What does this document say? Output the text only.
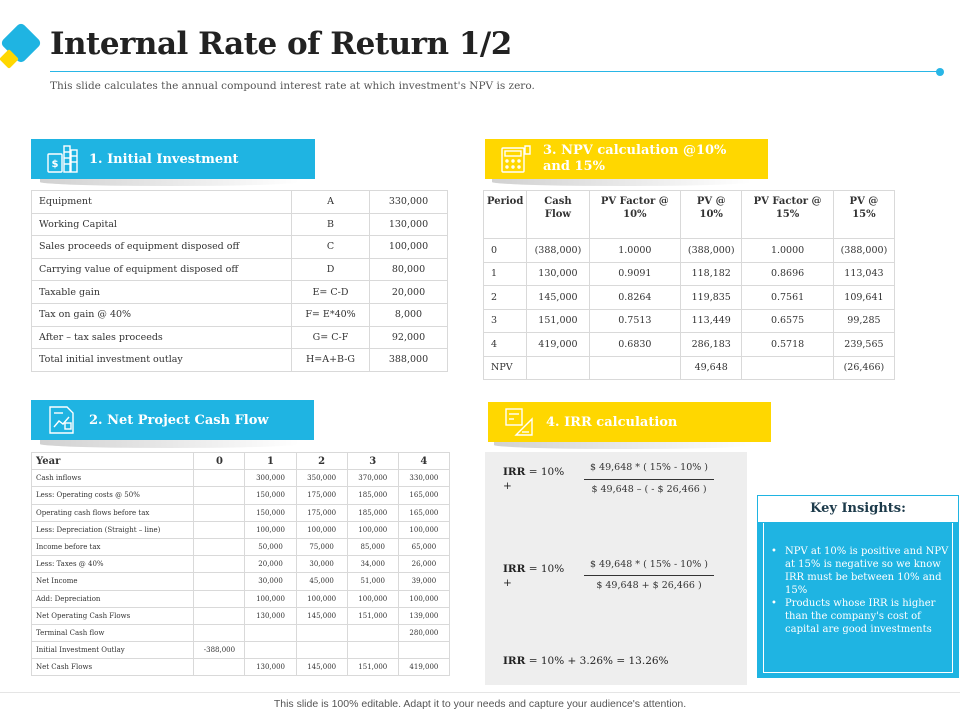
Internal Rate of Return 1/2
This slide calculates the annual compound interest rate at which investment's NPV is zero.
$ 1. Initial Investment
3. NPV calculation @10%
and 15%
Equipment	A	330,000
Working Capital	B	130,000
Sales proceeds of equipment disposed off	C	100,000
Carrying value of equipment disposed off	D	80,000
Taxable gain	E= C-D	20,000
Tax on gain @ 40%	F= E*40%	8,000
After – tax sales proceeds	G= C-F	92,000
Total initial investment outlay	H=A+B-G	388,000
Period	Cash Flow	PV Factor @ 10%	PV @ 10%	PV Factor @ 15%	PV @ 15%
0	(388,000)	1.0000	(388,000)	1.0000	(388,000)
1	130,000	0.9091	118,182	0.8696	113,043
2	145,000	0.8264	119,835	0.7561	109,641
3	151,000	0.7513	113,449	0.6575	99,285
4	419,000	0.6830	286,183	0.5718	239,565
NPV			49,648		(26,466)
2. Net Project Cash Flow	4. IRR calculation
Year	0	1	2	3	4
Cash inflows		300,000	350,000	370,000	330,000
Less: Operating costs @ 50%		150,000	175,000	185,000	165,000
Operating cash flows before tax		150,000	175,000	185,000	165,000
Less: Depreciation (Straight – line)		100,000	100,000	100,000	100,000
Income before tax		50,000	75,000	85,000	65,000
Less: Taxes @ 40%		20,000	30,000	34,000	26,000
Net Income		30,000	45,000	51,000	39,000
Add: Depreciation		100,000	100,000	100,000	100,000
Net Operating Cash Flows		130,000	145,000	151,000	139,000
Terminal Cash flow					280,000
Initial Investment Outlay	-388,000				
Net Cash Flows		130,000	145,000	151,000	419,000
IRR = 10%
+
$ 49,648 * ( 15% - 10% )
$ 49,648 – ( - $ 26,466 )
IRR = 10%
+
$ 49,648 * ( 15% - 10% )
$ 49,648 + $ 26,466 )
IRR = 10% + 3.26% = 13.26%
Key Insights:
• NPV at 10% is positive and NPV at 15% is negative so we know IRR must be between 10% and 15%
• Products whose IRR is higher than the company's cost of capital are good investments
This slide is 100% editable. Adapt it to your needs and capture your audience's attention.
